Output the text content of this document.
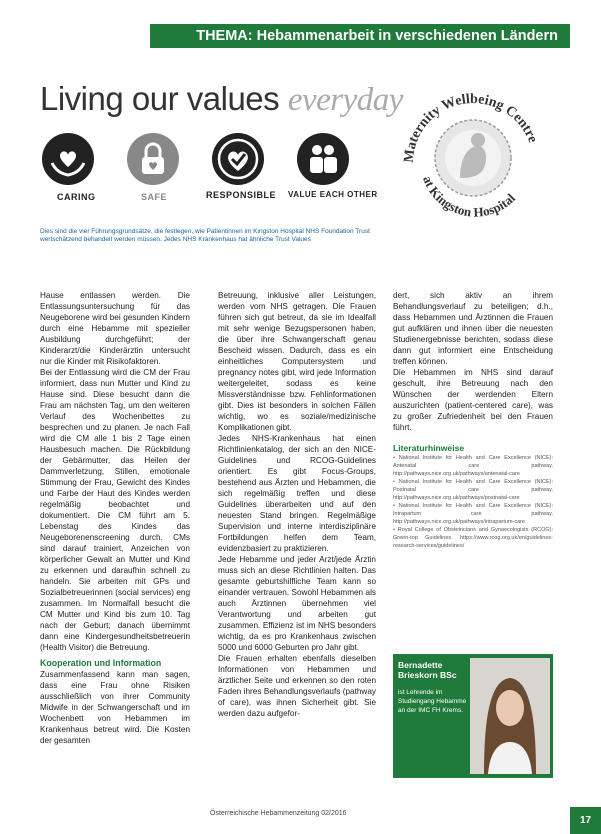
THEMA: Hebammenarbeit in verschiedenen Ländern
Living our values everyday
CARING	SAFE	RESPONSIBLE VALUE EACH OTHER
Maternity Wellbeing Centre
at Kingston Hospital
Dies sind die vier Führungsgrundsätze, die festlegen, wie Patientinnen im Kingston Hospital NHS Foundation Trust wertschätzend behandelt werden müssen. Jedes NHS Krankenhaus hat ähnliche Trust Values

Hause entlassen werden. Die Entlassungsuntersuchung für das Neugeborene wird bei gesunden Kindern durch eine Hebamme mit spezieller Ausbildung durchgeführt; der Kinderarzt/die Kinderärztin untersucht nur die Kinder mit Risikofaktoren.

Bei der Entlassung wird die CM der Frau informiert, dass nun Mutter und Kind zu Hause sind. Diese besucht dann die Frau am nächsten Tag, um den weiteren Verlauf des Wochenbettes zu besprechen und zu planen. Je nach Fall wird die CM alle 1 bis 2 Tage einen Hausbesuch machen. Die Rückbildung der Gebärmutter, das Heilen der Dammverletzung, Stillen, emotionale Stimmung der Frau, Gewicht des Kindes und Farbe der Haut des Kindes werden regelmäßig beobachtet und dokumentiert. Die CM führt am 5. Lebenstag des Kindes das Neugeborenenscreening durch. CMs sind darauf trainiert, Anzeichen von körperlicher Gewalt an Mutter und Kind zu erkennen und daraufhin schnell zu handeln. Sie arbeiten mit GPs und Sozialbetreuerinnen (social services) eng zusammen. Im Normalfall besucht die CM Mutter und Kind bis zum 10. Tag nach der Geburt; danach übernimmt dann eine Kindergesundheitsbetreuerin (Health Visitor) die Betreuung.

Kooperation und Information

Zusammenfassend kann man sagen, dass eine Frau ohne Risiken ausschließlich von ihrer Community Midwife in der Schwangerschaft und im Wochenbett von Hebammen im Krankenhaus betreut wird. Die Kosten der gesamten

Betreuung, inklusive aller Leistungen, werden vom NHS getragen. Die Frauen führen sich gut betreut, da sie im Idealfall mit sehr wenige Bezugspersonen haben, die über ihre Schwangerschaft genau Bescheid wissen. Dadurch, dass es ein einheitliches Computersystem und pregnancy notes gibt, wird jede Information weitergeleitet, sodass es keine Missverständnisse bzw. Fehlinformationen gibt. Dies ist besonders in solchen Fällen wichtig, wo es soziale/medizinische Komplikationen gibt.

Jedes NHS-Krankenhaus hat einen Richtlinienkatalog, der sich an den NICE-Guidelines und RCOG-Guidelines orientiert. Es gibt Focus-Groups, bestehend aus Ärzten und Hebammen, die sich regelmäßig treffen und diese Guidelines überarbeiten und auf den neuesten Stand bringen. Regelmäßige Supervision und interne interdisziplinäre Fortbildungen helfen dem Team, evidenzbasiert zu praktizieren.

Jede Hebamme und jeder Arzt/jede Ärztin muss sich an diese Richtlinien halten. Das gesamte geburtshilfliche Team kann so einander vertrauen. Sowohl Hebammen als auch Ärztinnen übernehmen viel Verantwortung und arbeiten gut zusammen. Effizienz ist im NHS besonders wichtig, da es pro Krankenhaus zwischen 5000 und 6000 Geburten pro Jahr gibt.

Die Frauen erhalten ebenfalls dieselben Informationen von Hebammen und ärztlicher Seite und erkennen so den roten Faden ihres Behandlungsverlaufs (pathway of care), was ihnen Sicherheit gibt. Sie werden dazu aufgefor-

dert, sich aktiv an ihrem Behandlungsverlauf zu beteiligen; d.h., dass Hebammen und Ärztinnen die Frauen gut aufklären und ihnen über die neuesten Studienergebnisse berichten, sodass diese dann gut informiert eine Entscheidung treffen können.

Die Hebammen im NHS sind darauf geschult, ihre Betreuung nach den Wünschen der werdenden Eltern auszurichten (patient-centered care), was zu großer Zufriedenheit bei den Frauen führt.

Literaturhinweise

• National Institute for Health and Care Excellence (NICE): Antenatal care pathway. http://pathways.nice.org.uk/pathways/antenatal-care

• National Institute for Health and Care Excellence (NICE): Postnatal care pathway. http://pathways.nice.org.uk/pathways/postnatal-care

• National Institute for Health and Care Excellence (NICE): Intrapartum care pathway. http://pathways.nice.org.uk/pathways/intrapartum-care

• Royal College of Obstetricians and Gynaecologists (RCOG): Green-top Guidelines. https://www.rcog.org.uk/en/guidelines-research-services/guidelines/

Bernadette Brieskorn BSc
ist Lehrende im Studiengang Hebamme an der IMC FH Krems.
Österreichische Hebammenzeitung 02/2016
17
